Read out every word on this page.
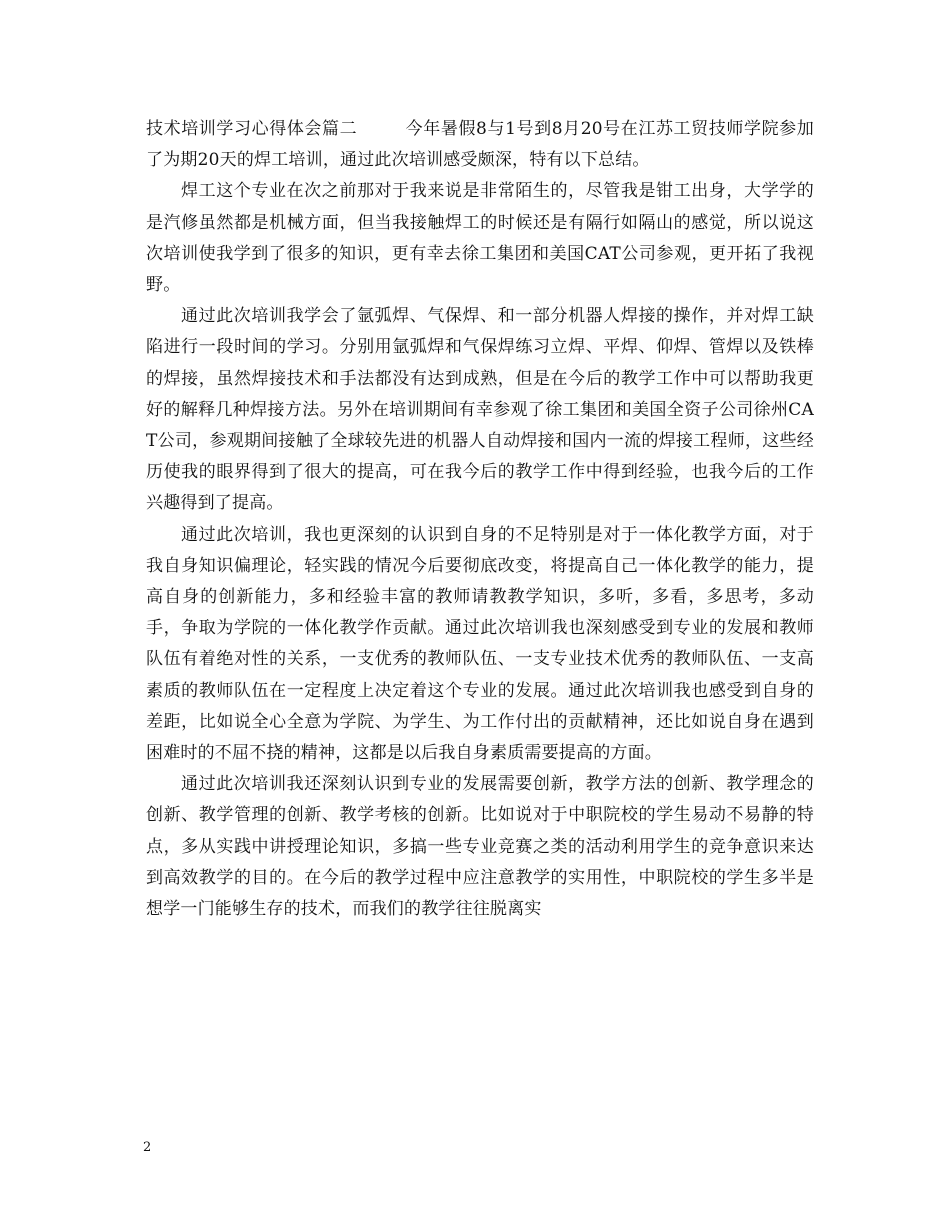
技术培训学习心得体会篇二	今年暑假8与1号到8月20号在江苏工贸技师学院参加了为期20天的焊工培训，通过此次培训感受颇深，特有以下总结。

焊工这个专业在次之前那对于我来说是非常陌生的，尽管我是钳工出身，大学学的是汽修虽然都是机械方面，但当我接触焊工的时候还是有隔行如隔山的感觉，所以说这次培训使我学到了很多的知识，更有幸去徐工集团和美国CAT公司参观，更开拓了我视野。

通过此次培训我学会了氩弧焊、气保焊、和一部分机器人焊接的操作，并对焊工缺陷进行一段时间的学习。分别用氩弧焊和气保焊练习立焊、平焊、仰焊、管焊以及铁棒的焊接，虽然焊接技术和手法都没有达到成熟，但是在今后的教学工作中可以帮助我更好的解释几种焊接方法。另外在培训期间有幸参观了徐工集团和美国全资子公司徐州CAT公司，参观期间接触了全球较先进的机器人自动焊接和国内一流的焊接工程师，这些经历使我的眼界得到了很大的提高，可在我今后的教学工作中得到经验，也我今后的工作兴趣得到了提高。

通过此次培训，我也更深刻的认识到自身的不足特别是对于一体化教学方面，对于我自身知识偏理论，轻实践的情况今后要彻底改变，将提高自己一体化教学的能力，提高自身的创新能力，多和经验丰富的教师请教教学知识，多听，多看，多思考，多动手，争取为学院的一体化教学作贡献。通过此次培训我也深刻感受到专业的发展和教师队伍有着绝对性的关系，一支优秀的教师队伍、一支专业技术优秀的教师队伍、一支高素质的教师队伍在一定程度上决定着这个专业的发展。通过此次培训我也感受到自身的差距，比如说全心全意为学院、为学生、为工作付出的贡献精神，还比如说自身在遇到困难时的不屈不挠的精神，这都是以后我自身素质需要提高的方面。

通过此次培训我还深刻认识到专业的发展需要创新，教学方法的创新、教学理念的创新、教学管理的创新、教学考核的创新。比如说对于中职院校的学生易动不易静的特点，多从实践中讲授理论知识，多搞一些专业竞赛之类的活动利用学生的竞争意识来达到高效教学的目的。在今后的教学过程中应注意教学的实用性，中职院校的学生多半是想学一门能够生存的技术，而我们的教学往往脱离实

2
